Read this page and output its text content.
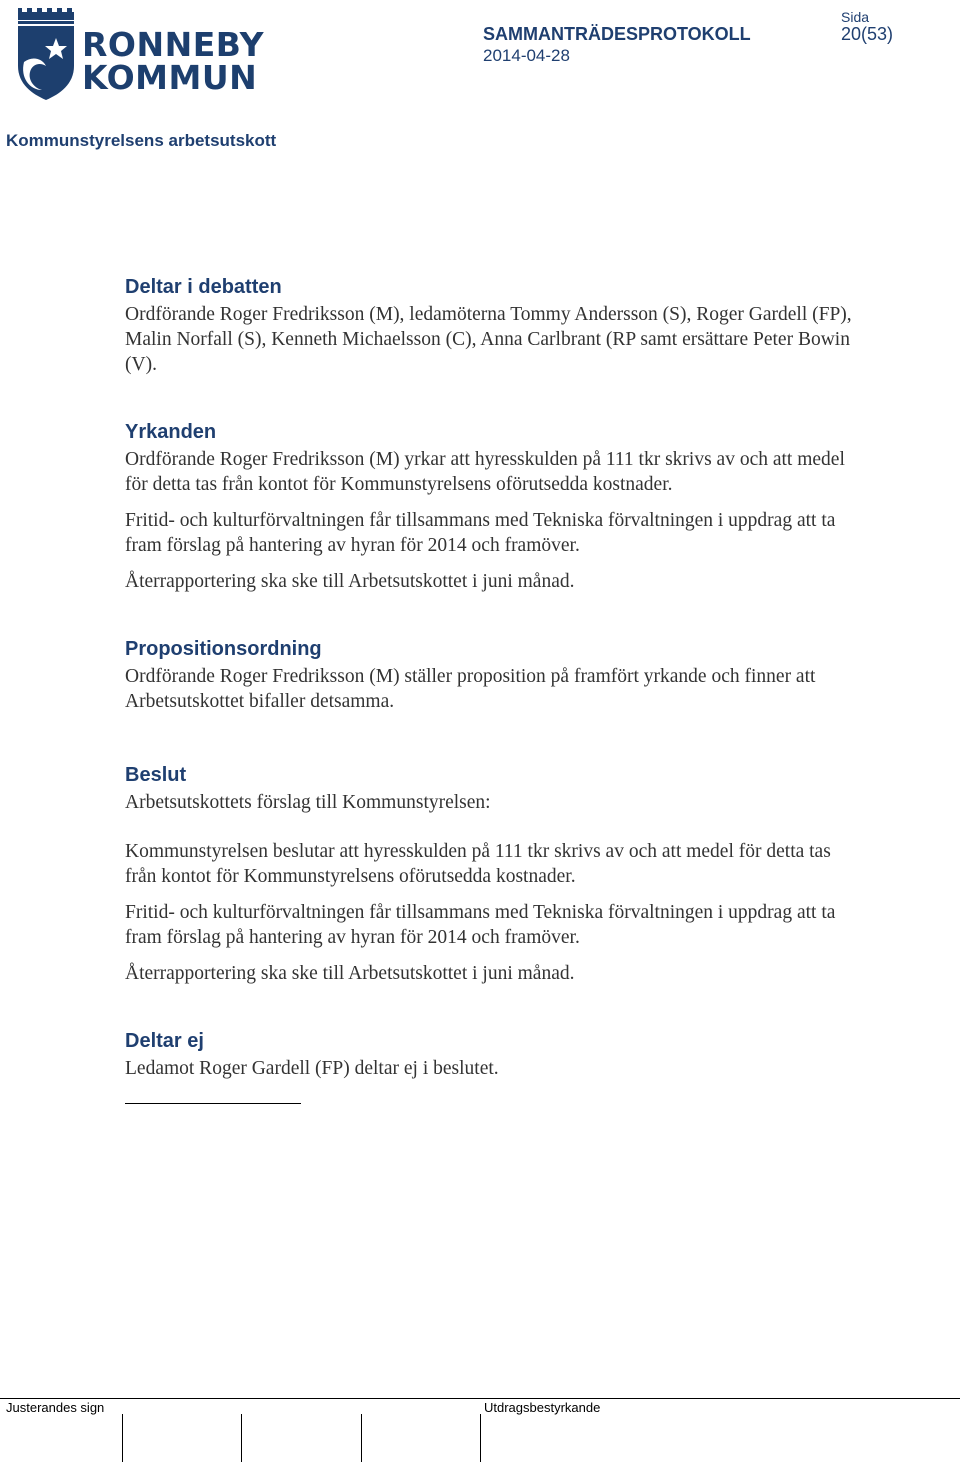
RONNEBY
KOMMUN
SAMMANTRÄDESPROTOKOLL
2014-04-28
Sida
20(53)
Kommunstyrelsens arbetsutskott
Deltar i debatten

Ordförande Roger Fredriksson (M), ledamöterna Tommy Andersson (S), Roger Gardell (FP), Malin Norfall (S), Kenneth Michaelsson (C), Anna Carlbrant (RP samt ersättare Peter Bowin (V).

Yrkanden

Ordförande Roger Fredriksson (M) yrkar att hyresskulden på 111 tkr skrivs av och att medel för detta tas från kontot för Kommunstyrelsens oförutsedda kostnader.

Fritid- och kulturförvaltningen får tillsammans med Tekniska förvaltningen i uppdrag att ta fram förslag på hantering av hyran för 2014 och framöver.

Återrapportering ska ske till Arbetsutskottet i juni månad.

Propositionsordning

Ordförande Roger Fredriksson (M) ställer proposition på framfört yrkande och finner att Arbetsutskottet bifaller detsamma.

Beslut

Arbetsutskottets förslag till Kommunstyrelsen:

Kommunstyrelsen beslutar att hyresskulden på 111 tkr skrivs av och att medel för detta tas från kontot för Kommunstyrelsens oförutsedda kostnader.

Fritid- och kulturförvaltningen får tillsammans med Tekniska förvaltningen i uppdrag att ta fram förslag på hantering av hyran för 2014 och framöver.

Återrapportering ska ske till Arbetsutskottet i juni månad.

Deltar ej

Ledamot Roger Gardell (FP) deltar ej i beslutet.

Justerandes sign	Utdragsbestyrkande
